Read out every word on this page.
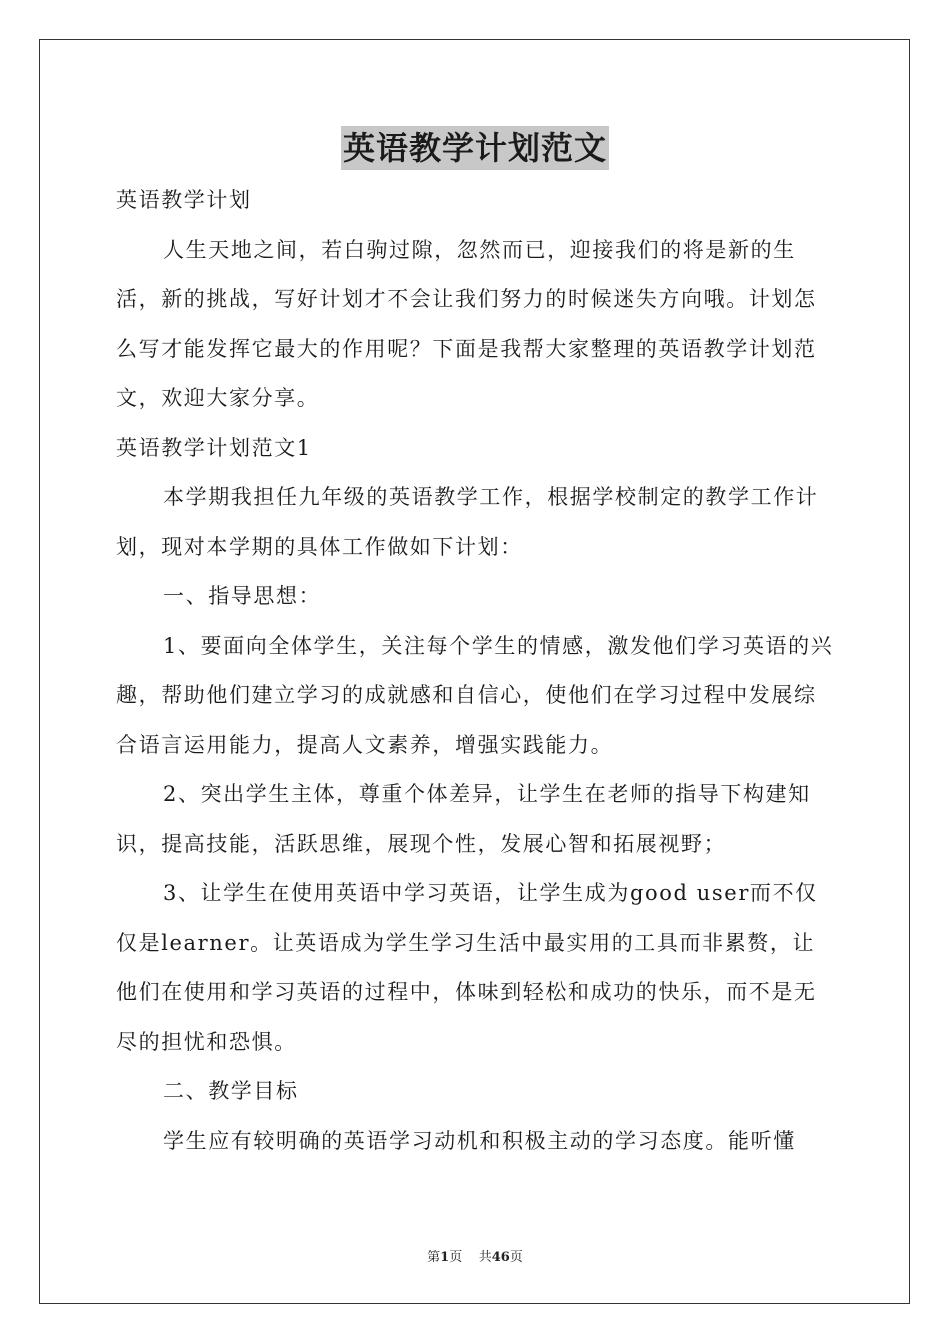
英语教学计划范文

英语教学计划

人生天地之间，若白驹过隙，忽然而已，迎接我们的将是新的生活，新的挑战，写好计划才不会让我们努力的时候迷失方向哦。计划怎么写才能发挥它最大的作用呢？下面是我帮大家整理的英语教学计划范文，欢迎大家分享。

英语教学计划范文1

本学期我担任九年级的英语教学工作，根据学校制定的教学工作计划，现对本学期的具体工作做如下计划：

一、指导思想：

1、要面向全体学生，关注每个学生的情感，激发他们学习英语的兴趣，帮助他们建立学习的成就感和自信心，使他们在学习过程中发展综合语言运用能力，提高人文素养，增强实践能力。

2、突出学生主体，尊重个体差异，让学生在老师的指导下构建知识，提高技能，活跃思维，展现个性，发展心智和拓展视野；

3、让学生在使用英语中学习英语，让学生成为good user而不仅仅是learner。让英语成为学生学习生活中最实用的工具而非累赘，让他们在使用和学习英语的过程中，体味到轻松和成功的快乐，而不是无尽的担忧和恐惧。

二、教学目标

学生应有较明确的英语学习动机和积极主动的学习态度。能听懂

第1页 共46页
